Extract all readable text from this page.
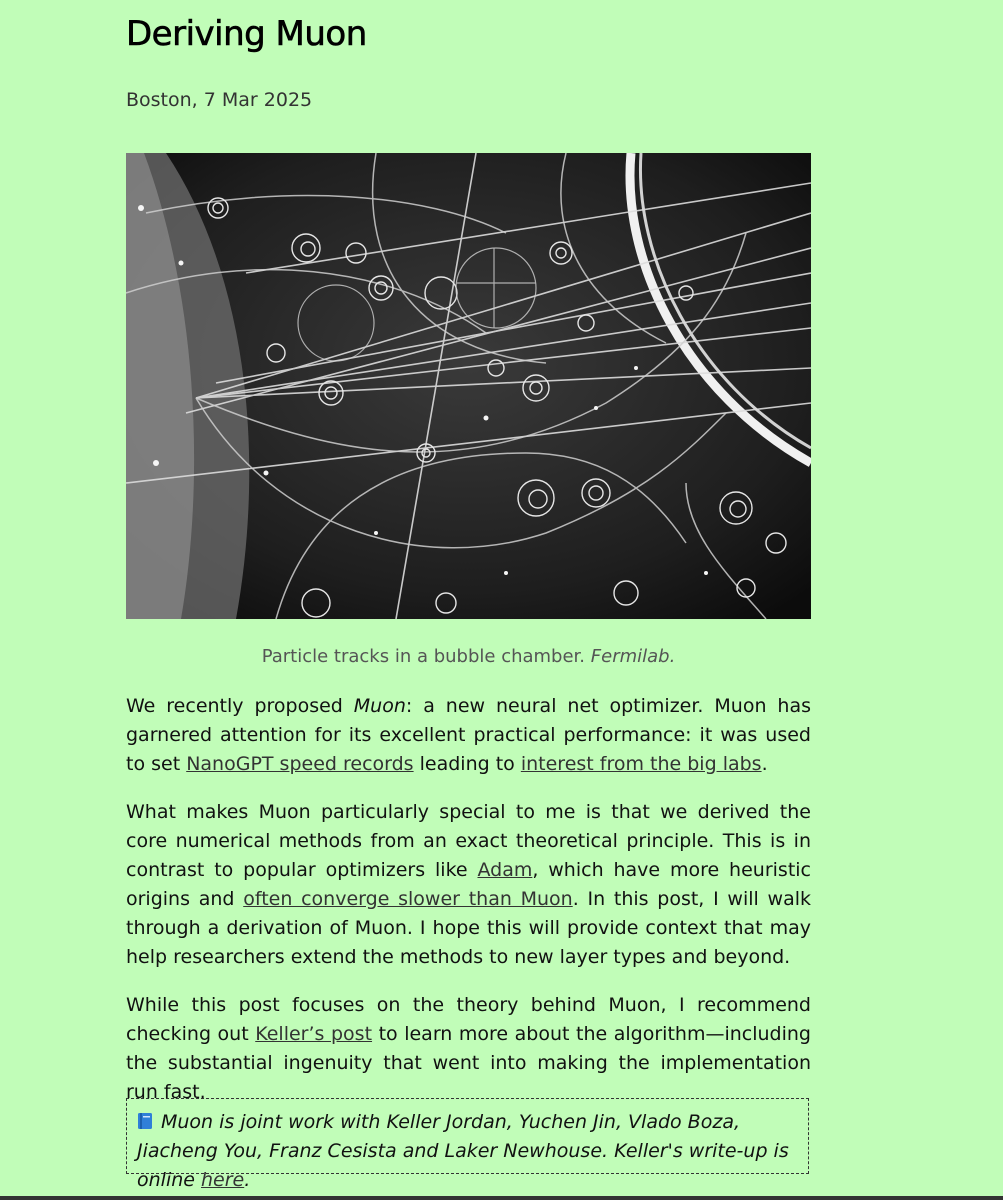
Deriving Muon
Boston, 7 Mar 2025
Particle tracks in a bubble chamber. Fermilab.

We recently proposed Muon: a new neural net optimizer. Muon has garnered attention for its excellent practical performance: it was used to set NanoGPT speed records leading to interest from the big labs.

What makes Muon particularly special to me is that we derived the core numerical methods from an exact theoretical principle. This is in contrast to popular optimizers like Adam, which have more heuristic origins and often converge slower than Muon. In this post, I will walk through a derivation of Muon. I hope this will provide context that may help researchers extend the methods to new layer types and beyond.

While this post focuses on the theory behind Muon, I recommend checking out Keller’s post to learn more about the algorithm—including the substantial ingenuity that went into making the implementation run fast.

Muon is joint work with Keller Jordan, Yuchen Jin, Vlado Boza, Jiacheng You, Franz Cesista and Laker Newhouse. Keller's write-up is online here.
